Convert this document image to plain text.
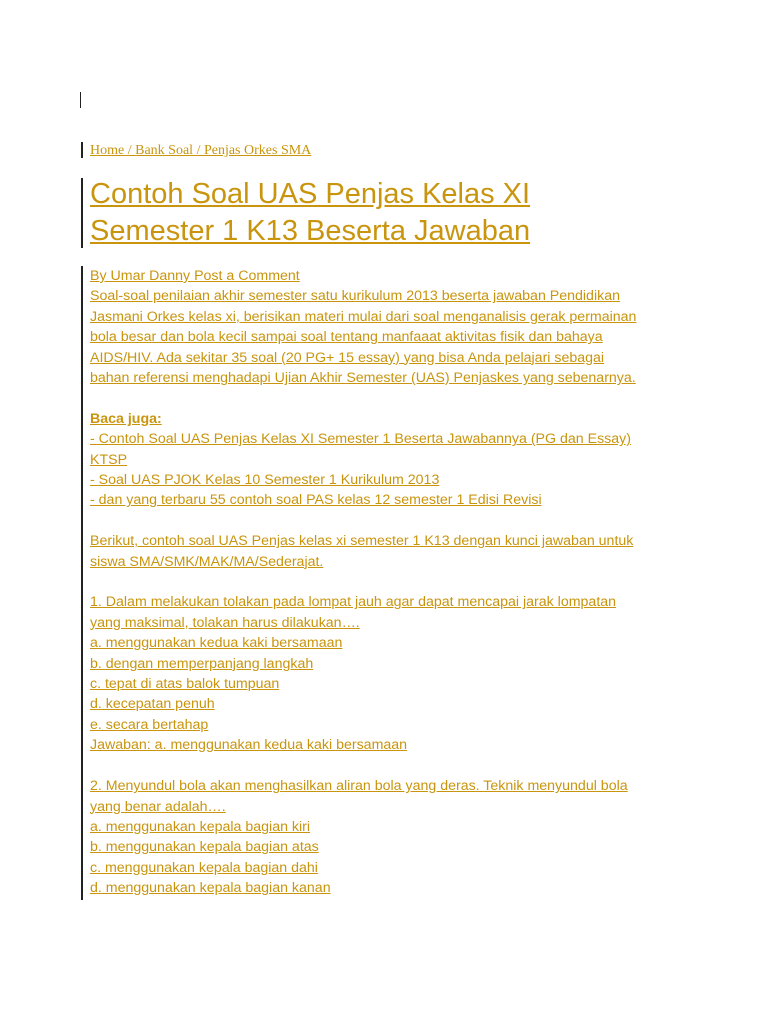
Home / Bank Soal / Penjas Orkes SMA
Contoh Soal UAS Penjas Kelas XI
Semester 1 K13 Beserta Jawaban
By Umar Danny Post a Comment
Soal-soal penilaian akhir semester satu kurikulum 2013 beserta jawaban Pendidikan
Jasmani Orkes kelas xi, berisikan materi mulai dari soal menganalisis gerak permainan
bola besar dan bola kecil sampai soal tentang manfaaat aktivitas fisik dan bahaya
AIDS/HIV. Ada sekitar 35 soal (20 PG+ 15 essay) yang bisa Anda pelajari sebagai
bahan referensi menghadapi Ujian Akhir Semester (UAS) Penjaskes yang sebenarnya.
Baca juga:
- Contoh Soal UAS Penjas Kelas XI Semester 1 Beserta Jawabannya (PG dan Essay)
KTSP
- Soal UAS PJOK Kelas 10 Semester 1 Kurikulum 2013
- dan yang terbaru 55 contoh soal PAS kelas 12 semester 1 Edisi Revisi
Berikut, contoh soal UAS Penjas kelas xi semester 1 K13 dengan kunci jawaban untuk
siswa SMA/SMK/MAK/MA/Sederajat.
1. Dalam melakukan tolakan pada lompat jauh agar dapat mencapai jarak lompatan
yang maksimal, tolakan harus dilakukan….
a. menggunakan kedua kaki bersamaan
b. dengan memperpanjang langkah
c. tepat di atas balok tumpuan
d. kecepatan penuh
e. secara bertahap
Jawaban: a. menggunakan kedua kaki bersamaan
2. Menyundul bola akan menghasilkan aliran bola yang deras. Teknik menyundul bola
yang benar adalah….
a. menggunakan kepala bagian kiri
b. menggunakan kepala bagian atas
c. menggunakan kepala bagian dahi
d. menggunakan kepala bagian kanan
